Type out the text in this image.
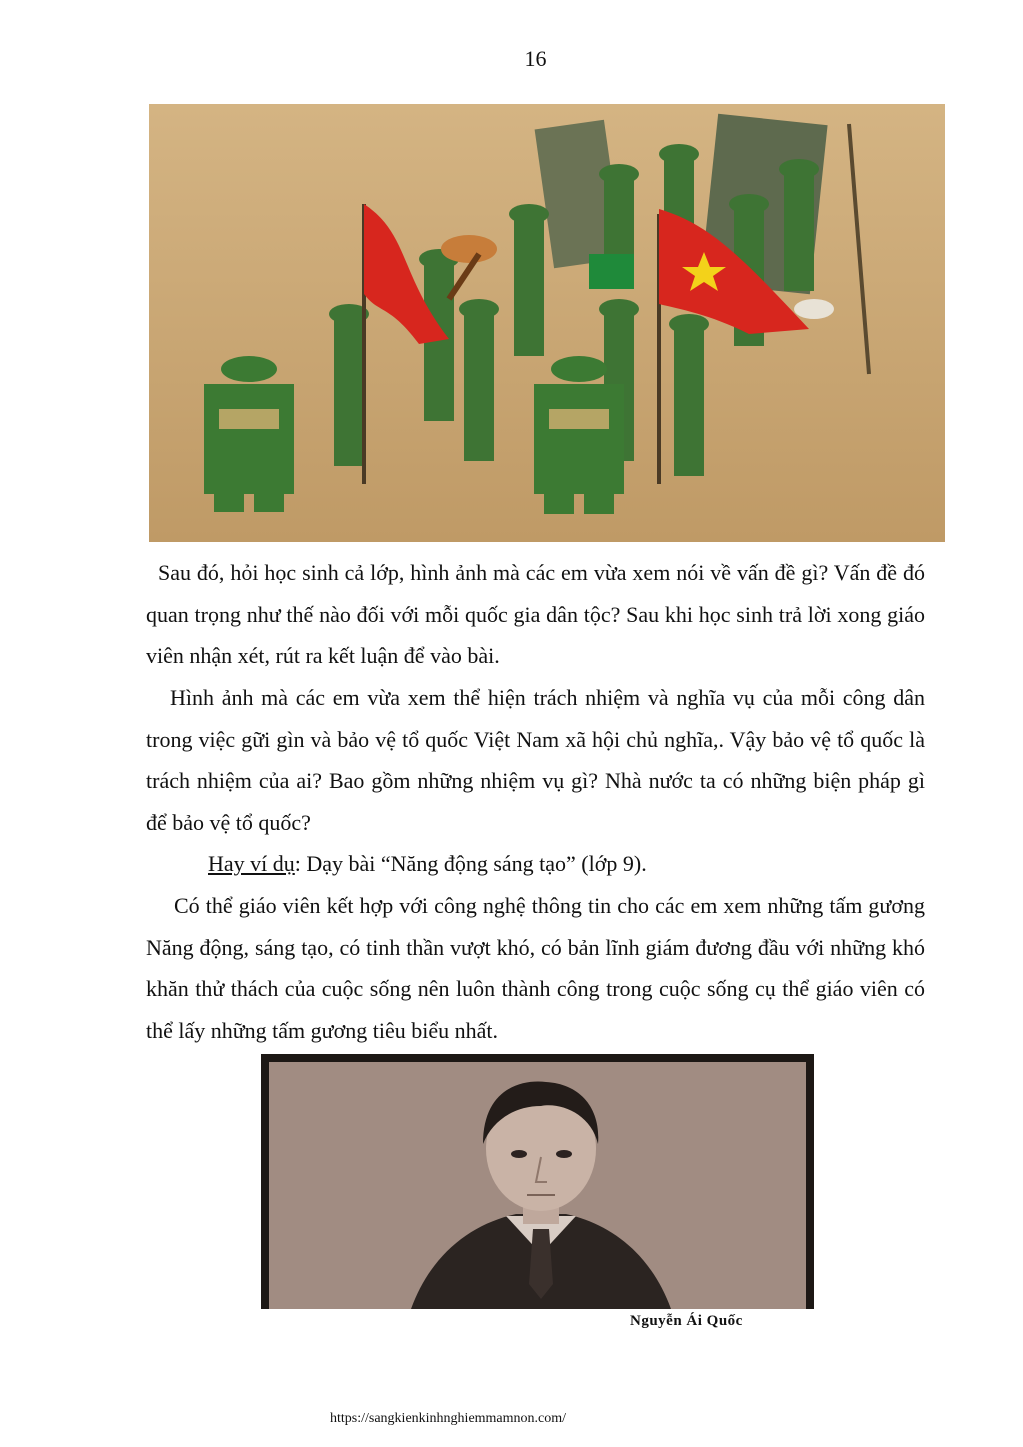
16

Sau đó, hỏi học sinh cả lớp, hình ảnh mà các em vừa xem nói về vấn đề gì? Vấn đề đó quan trọng như thế nào đối với mỗi quốc gia dân tộc? Sau khi học sinh trả lời xong giáo viên nhận xét, rút ra kết luận để vào bài.

Hình ảnh mà các em vừa xem thể hiện trách nhiệm và nghĩa vụ của mỗi công dân trong việc gữi gìn và bảo vệ tổ quốc Việt Nam xã hội chủ nghĩa,. Vậy bảo vệ tổ quốc là trách nhiệm của ai? Bao gồm những nhiệm vụ gì? Nhà nước ta có những biện pháp gì để bảo vệ tổ quốc?

Hay ví dụ: Dạy bài “Năng động sáng tạo” (lớp 9).

Có thể giáo viên kết hợp với công nghệ thông tin cho các em xem những tấm gương Năng động, sáng tạo, có tinh thần vượt khó, có bản lĩnh giám đương đầu với những khó khăn thử thách của cuộc sống nên luôn thành công trong cuộc sống cụ thể giáo viên có thể lấy những tấm gương tiêu biểu nhất.

Nguyễn Ái Quốc
https://sangkienkinhnghiemmamnon.com/
